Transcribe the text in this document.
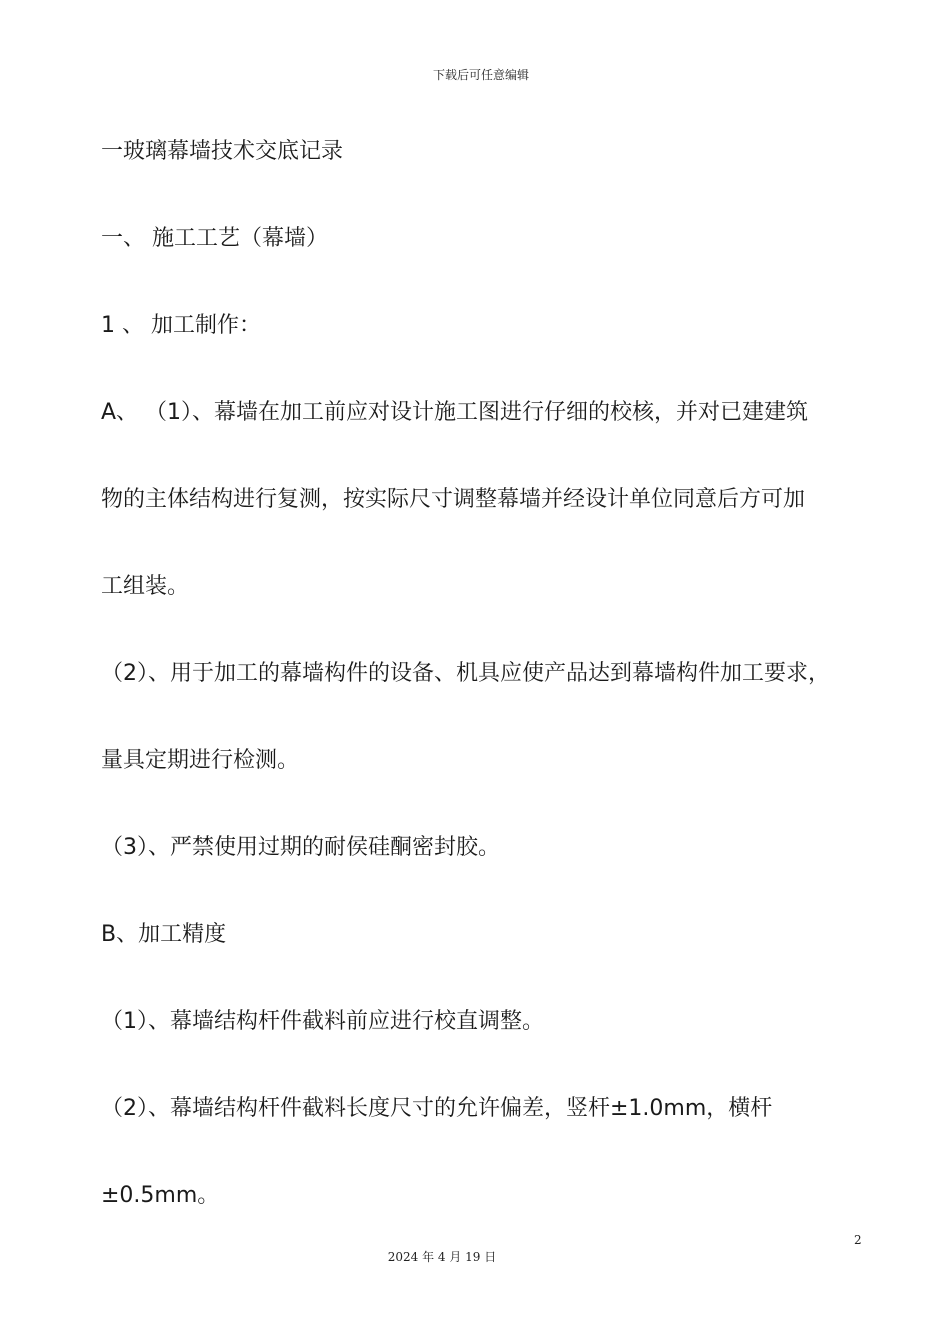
下载后可任意编辑
一玻璃幕墙技术交底记录
一、 施工工艺（幕墙）
1 、 加工制作：
A、 （1）、幕墙在加工前应对设计施工图进行仔细的校核，并对已建建筑
物的主体结构进行复测，按实际尺寸调整幕墙并经设计单位同意后方可加
工组装。
（2）、用于加工的幕墙构件的设备、机具应使产品达到幕墙构件加工要求，
量具定期进行检测。
（3）、严禁使用过期的耐侯硅酮密封胶。
B、加工精度
（1）、幕墙结构杆件截料前应进行校直调整。
（2）、幕墙结构杆件截料长度尺寸的允许偏差，竖杆±1.0mm，横杆
±0.5mm。
2
2024 年 4 月 19 日
